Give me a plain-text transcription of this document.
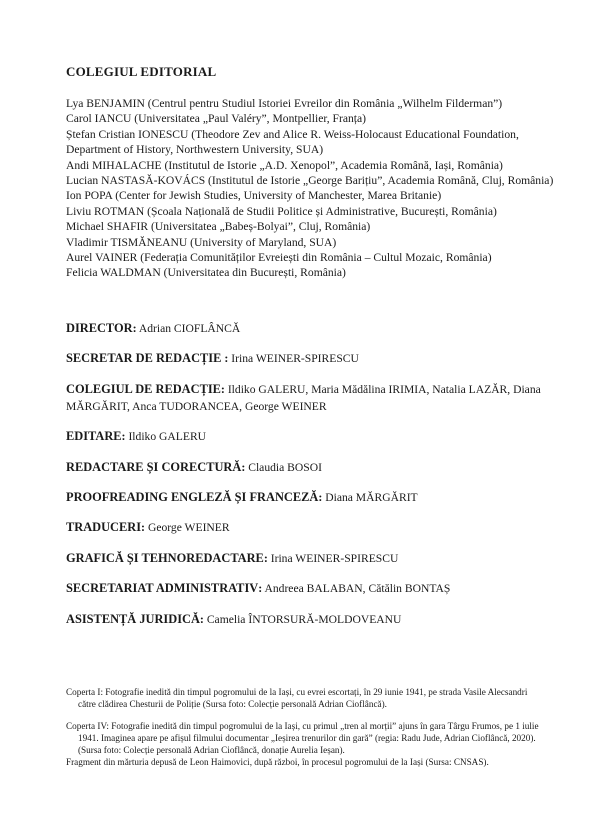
COLEGIUL EDITORIAL
Lya BENJAMIN (Centrul pentru Studiul Istoriei Evreilor din România „Wilhelm Filderman”)
Carol IANCU (Universitatea „Paul Valéry”, Montpellier, Franța)
Ștefan Cristian IONESCU (Theodore Zev and Alice R. Weiss-Holocaust Educational Foundation, Department of History, Northwestern University, SUA)
Andi MIHALACHE (Institutul de Istorie „A.D. Xenopol”, Academia Română, Iași, România)
Lucian NASTASĂ-KOVÁCS (Institutul de Istorie „George Barițiu”, Academia Română, Cluj, România)
Ion POPA (Center for Jewish Studies, University of Manchester, Marea Britanie)
Liviu ROTMAN (Școala Națională de Studii Politice și Administrative, București, România)
Michael SHAFIR (Universitatea „Babeș-Bolyai”, Cluj, România)
Vladimir TISMĂNEANU (University of Maryland, SUA)
Aurel VAINER (Federația Comunităților Evreiești din România – Cultul Mozaic, România)
Felicia WALDMAN (Universitatea din București, România)
DIRECTOR: Adrian CIOFLÂNCĂ
SECRETAR DE REDACȚIE : Irina WEINER-SPIRESCU
COLEGIUL DE REDACȚIE: Ildiko GALERU, Maria Mădălina IRIMIA, Natalia LAZĂR, Diana MĂRGĂRIT, Anca TUDORANCEA, George WEINER
EDITARE: Ildiko GALERU
REDACTARE ȘI CORECTURĂ: Claudia BOSOI
PROOFREADING ENGLEZĂ ȘI FRANCEZĂ: Diana MĂRGĂRIT
TRADUCERI: George WEINER
GRAFICĂ ȘI TEHNOREDACTARE: Irina WEINER-SPIRESCU
SECRETARIAT ADMINISTRATIV: Andreea BALABAN, Cătălin BONTAȘ
ASISTENȚĂ JURIDICĂ: Camelia ÎNTORSURĂ-MOLDOVEANU
Coperta I: Fotografie inedită din timpul pogromului de la Iași, cu evrei escortați, în 29 iunie 1941, pe strada Vasile Alecsandri către clădirea Chesturii de Poliție (Sursa foto: Colecție personală Adrian Cioflâncă).
Coperta IV: Fotografie inedită din timpul pogromului de la Iași, cu primul „tren al morții” ajuns în gara Târgu Frumos, pe 1 iulie 1941. Imaginea apare pe afișul filmului documentar „Ieșirea trenurilor din gară” (regia: Radu Jude, Adrian Cioflâncă, 2020). (Sursa foto: Colecție personală Adrian Cioflâncă, donație Aurelia Ieșan).
Fragment din mărturia depusă de Leon Haimovici, după război, în procesul pogromului de la Iași (Sursa: CNSAS).
